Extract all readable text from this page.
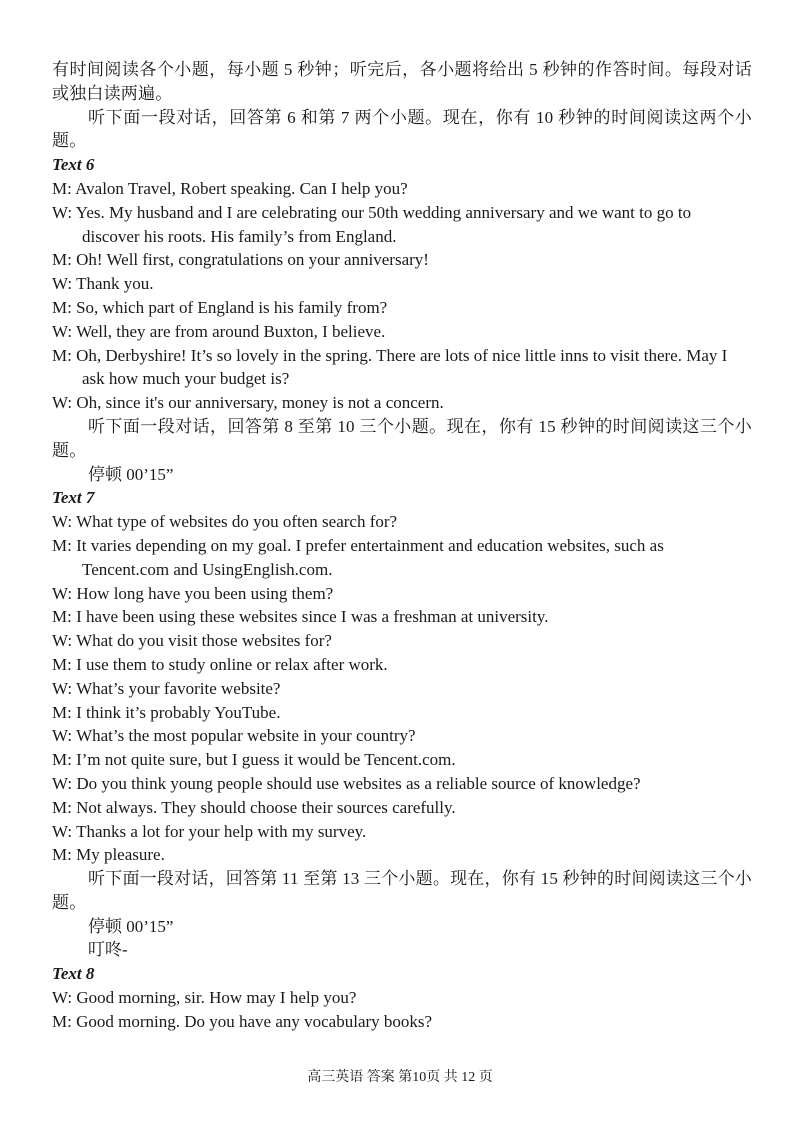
有时间阅读各个小题，每小题 5 秒钟；听完后，各小题将给出 5 秒钟的作答时间。每段对话或独白读两遍。

听下面一段对话，回答第 6 和第 7 两个小题。现在，你有 10 秒钟的时间阅读这两个小题。

Text 6

M: Avalon Travel, Robert speaking. Can I help you?

W: Yes. My husband and I are celebrating our 50th wedding anniversary and we want to go to discover his roots. His family’s from England.

M: Oh! Well first, congratulations on your anniversary!

W: Thank you.

M: So, which part of England is his family from?

W: Well, they are from around Buxton, I believe.

M: Oh, Derbyshire! It’s so lovely in the spring. There are lots of nice little inns to visit there. May I ask how much your budget is?

W: Oh, since it's our anniversary, money is not a concern.

听下面一段对话，回答第 8 至第 10 三个小题。现在，你有 15 秒钟的时间阅读这三个小题。

停顿 00’15”

Text 7

W: What type of websites do you often search for?

M: It varies depending on my goal. I prefer entertainment and education websites, such as Tencent.com and UsingEnglish.com.

W: How long have you been using them?

M: I have been using these websites since I was a freshman at university.

W: What do you visit those websites for?

M: I use them to study online or relax after work.

W: What’s your favorite website?

M: I think it’s probably YouTube.

W: What’s the most popular website in your country?

M: I’m not quite sure, but I guess it would be Tencent.com.

W: Do you think young people should use websites as a reliable source of knowledge?

M: Not always. They should choose their sources carefully.

W: Thanks a lot for your help with my survey.

M: My pleasure.

听下面一段对话，回答第 11 至第 13 三个小题。现在，你有 15 秒钟的时间阅读这三个小题。

停顿 00’15”

叮咚-

Text 8

W: Good morning, sir. How may I help you?

M: Good morning. Do you have any vocabulary books?

高三英语 答案 第10页 共 12 页
